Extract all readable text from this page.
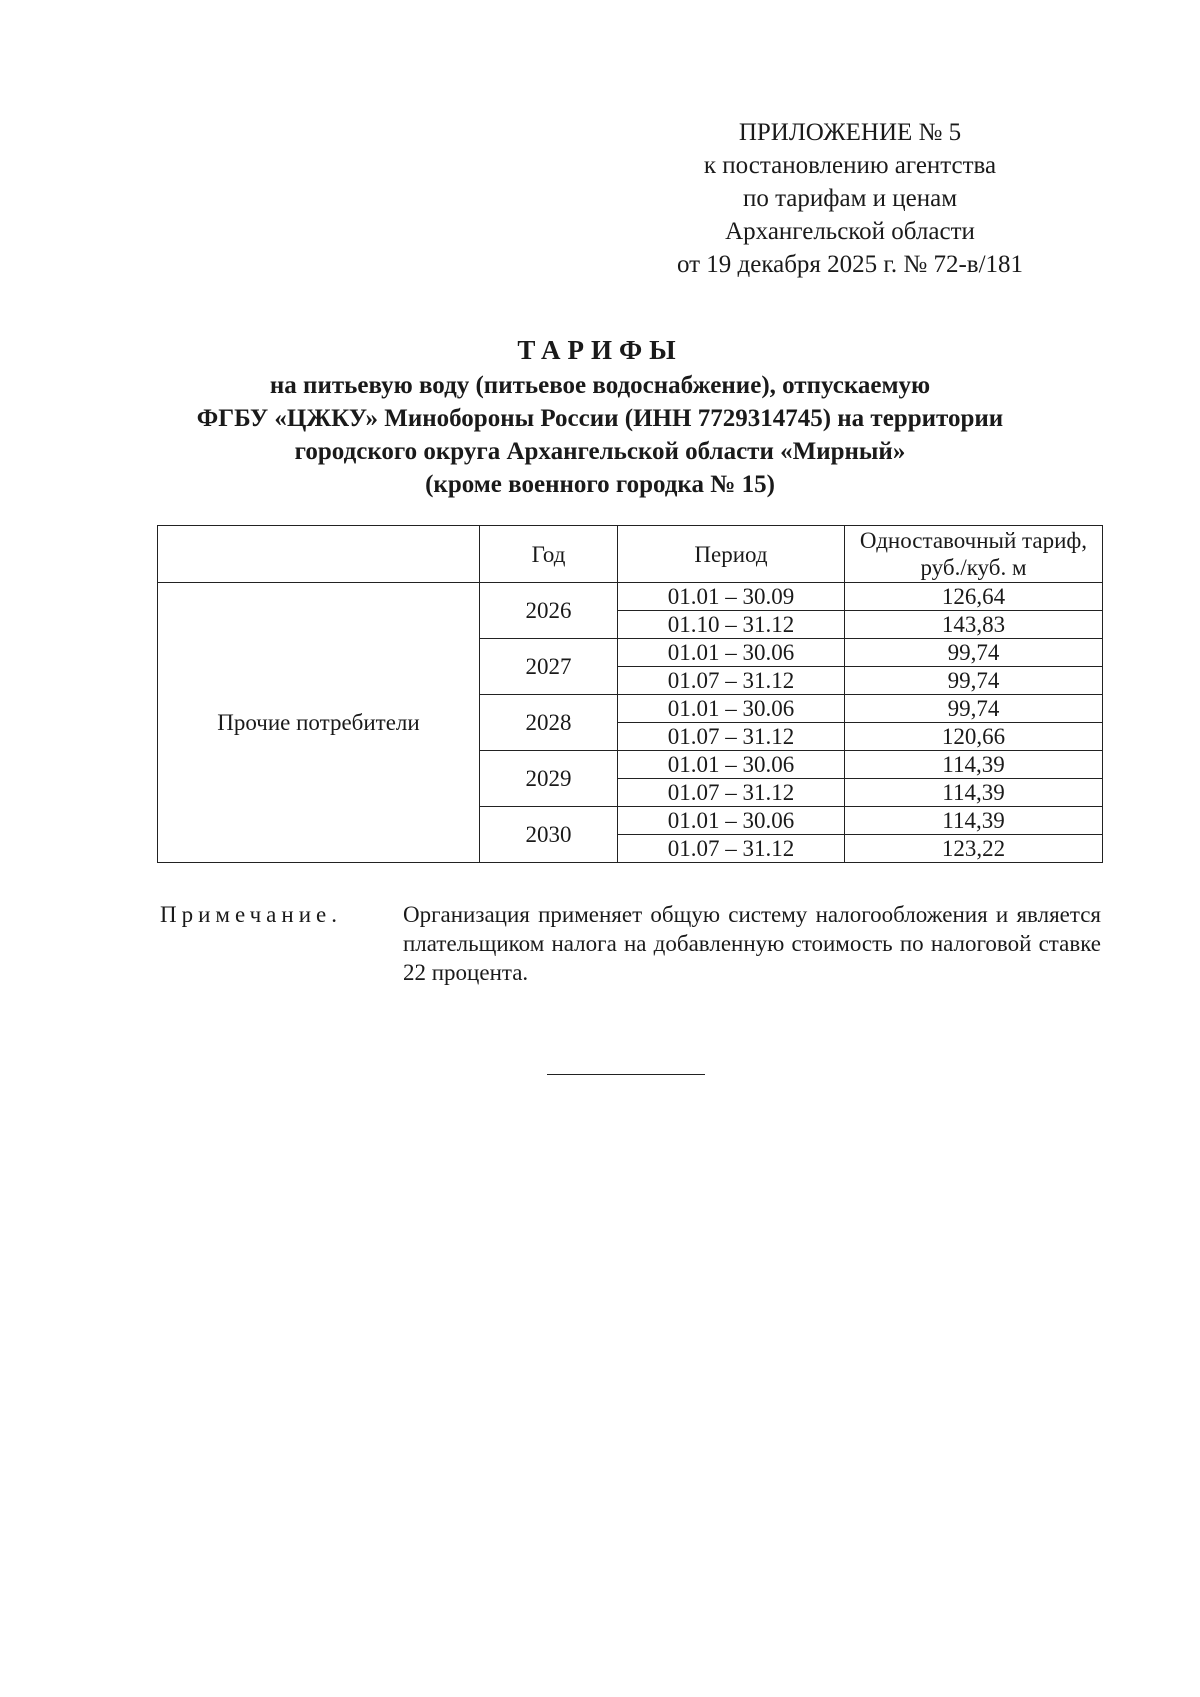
ПРИЛОЖЕНИЕ № 5
к постановлению агентства
по тарифам и ценам
Архангельской области
от 19 декабря 2025 г. № 72-в/181
ТАРИФЫ
на питьевую воду (питьевое водоснабжение), отпускаемую
ФГБУ «ЦЖКУ» Минобороны России (ИНН 7729314745) на территории
городского округа Архангельской области «Мирный»
(кроме военного городка № 15)
	Год	Период	Одноставочный тариф,
руб./куб. м
Прочие потребители	2026	01.01 – 30.09	126,64
		01.10 – 31.12	143,83
	2027	01.01 – 30.06	99,74
		01.07 – 31.12	99,74
	2028	01.01 – 30.06	99,74
		01.07 – 31.12	120,66
	2029	01.01 – 30.06	114,39
		01.07 – 31.12	114,39
	2030	01.01 – 30.06	114,39
		01.07 – 31.12	123,22
Примечание.	Организация применяет общую систему налогообложения и является плательщиком налога на добавленную стоимость по налоговой ставке 22 процента.
